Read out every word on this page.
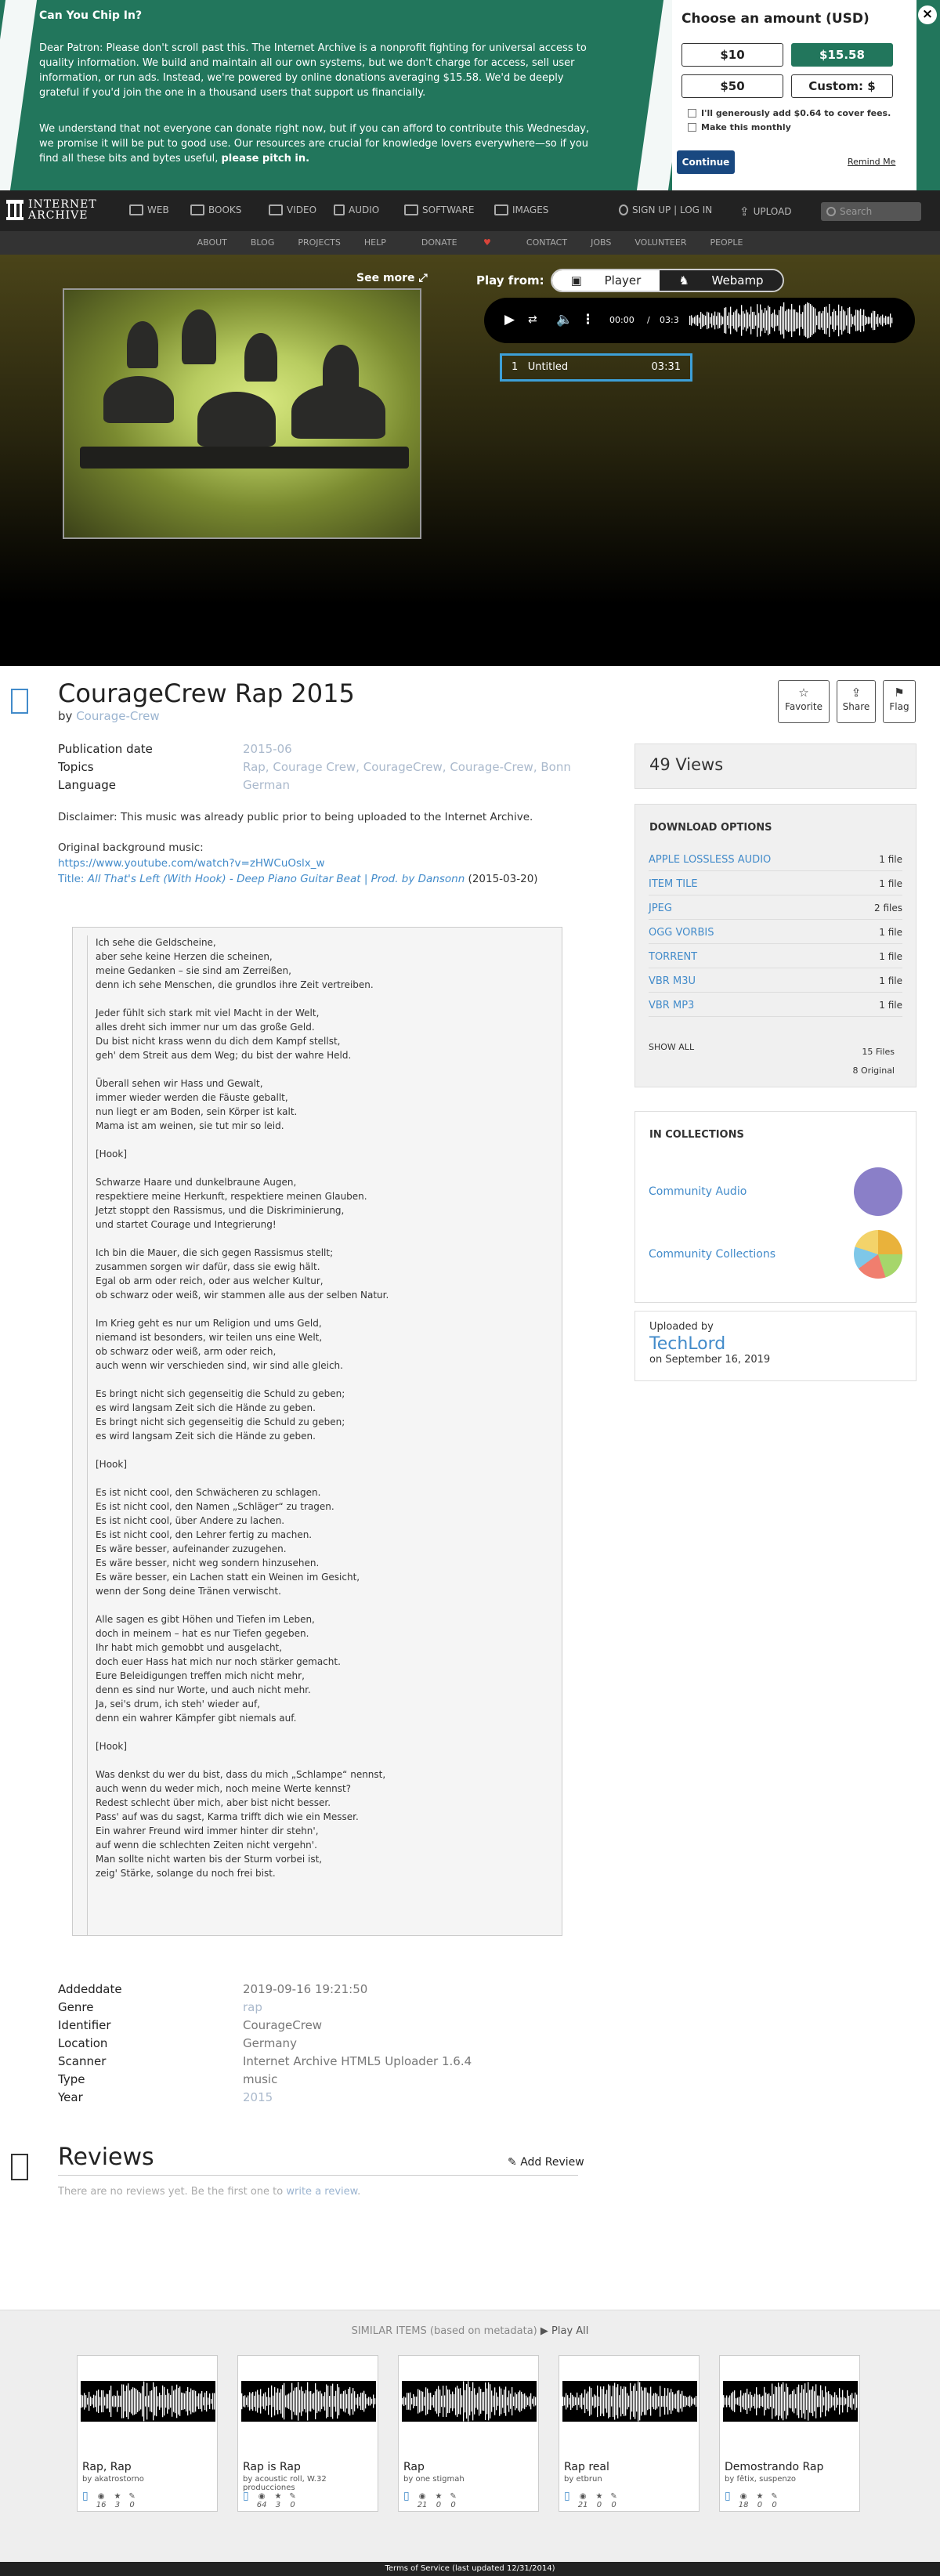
Can You Chip In?

Dear Patron: Please don't scroll past this. The Internet Archive is a nonprofit fighting for universal access to quality information. We build and maintain all our own systems, but we don't charge for access, sell user information, or run ads. Instead, we're powered by online donations averaging $15.58. We'd be deeply grateful if you'd join the one in a thousand users that support us financially.

We understand that not everyone can donate right now, but if you can afford to contribute this Wednesday, we promise it will be put to good use. Our resources are crucial for knowledge lovers everywhere—so if you find all these bits and bytes useful, please pitch in.

Choose an amount (USD)
$10	$15.58
$50	Custom: $
I'll generously add $0.64 to cover fees.
Make this monthly
Continue	Remind Me
×
INTERNET
ARCHIVE	WEB	BOOKS	VIDEO	AUDIO	SOFTWARE	IMAGES	SIGN UP | LOG IN ⇪ UPLOAD	Search
ABOUT	BLOG	PROJECTS	HELP	DONATE	♥	CONTACT	JOBS	VOLUNTEER	PEOPLE
See more ⤢	Play from:	▣ Player	♞ Webamp
▶ ⇄ 🔈 ⋮ 00:00 / 03:3
1 Untitled	03:31
CourageCrew Rap 2015
by Courage-Crew
☆
Favorite
⇪
Share
⚑
Flag
Publication date	2015-06
Topics	Rap, Courage Crew, CourageCrew, Courage-Crew, Bonn
Language	German
Disclaimer: This music was already public prior to being uploaded to the Internet Archive.
Original background music:
https://www.youtube.com/watch?v=zHWCuOslx_w
Title: All That's Left (With Hook) - Deep Piano Guitar Beat | Prod. by Dansonn (2015-03-20)

Ich sehe die Geldscheine,
aber sehe keine Herzen die scheinen,
meine Gedanken – sie sind am Zerreißen,
denn ich sehe Menschen, die grundlos ihre Zeit vertreiben.

Jeder fühlt sich stark mit viel Macht in der Welt,
alles dreht sich immer nur um das große Geld.
Du bist nicht krass wenn du dich dem Kampf stellst,
geh' dem Streit aus dem Weg; du bist der wahre Held.

Überall sehen wir Hass und Gewalt,
immer wieder werden die Fäuste geballt,
nun liegt er am Boden, sein Körper ist kalt.
Mama ist am weinen, sie tut mir so leid.

[Hook]

Schwarze Haare und dunkelbraune Augen,
respektiere meine Herkunft, respektiere meinen Glauben.
Jetzt stoppt den Rassismus, und die Diskriminierung,
und startet Courage und Integrierung!

Ich bin die Mauer, die sich gegen Rassismus stellt;
zusammen sorgen wir dafür, dass sie ewig hält.
Egal ob arm oder reich, oder aus welcher Kultur,
ob schwarz oder weiß, wir stammen alle aus der selben Natur.

Im Krieg geht es nur um Religion und ums Geld,
niemand ist besonders, wir teilen uns eine Welt,
ob schwarz oder weiß, arm oder reich,
auch wenn wir verschieden sind, wir sind alle gleich.

Es bringt nicht sich gegenseitig die Schuld zu geben;
es wird langsam Zeit sich die Hände zu geben.
Es bringt nicht sich gegenseitig die Schuld zu geben;
es wird langsam Zeit sich die Hände zu geben.

[Hook]

Es ist nicht cool, den Schwächeren zu schlagen.
Es ist nicht cool, den Namen „Schläger“ zu tragen.
Es ist nicht cool, über Andere zu lachen.
Es ist nicht cool, den Lehrer fertig zu machen.
Es wäre besser, aufeinander zuzugehen.
Es wäre besser, nicht weg sondern hinzusehen.
Es wäre besser, ein Lachen statt ein Weinen im Gesicht,
wenn der Song deine Tränen verwischt.

Alle sagen es gibt Höhen und Tiefen im Leben,
doch in meinem – hat es nur Tiefen gegeben.
Ihr habt mich gemobbt und ausgelacht,
doch euer Hass hat mich nur noch stärker gemacht.
Eure Beleidigungen treffen mich nicht mehr,
denn es sind nur Worte, und auch nicht mehr.
Ja, sei's drum, ich steh' wieder auf,
denn ein wahrer Kämpfer gibt niemals auf.

[Hook]

Was denkst du wer du bist, dass du mich „Schlampe“ nennst,
auch wenn du weder mich, noch meine Werte kennst?
Redest schlecht über mich, aber bist nicht besser.
Pass' auf was du sagst, Karma trifft dich wie ein Messer.
Ein wahrer Freund wird immer hinter dir stehn',
auf wenn die schlechten Zeiten nicht vergehn'.
Man sollte nicht warten bis der Sturm vorbei ist,
zeig' Stärke, solange du noch frei bist.

Addeddate	2019-09-16 19:21:50
Genre	rap
Identifier	CourageCrew
Location	Germany
Scanner	Internet Archive HTML5 Uploader 1.6.4
Type	music
Year	2015
49 Views
DOWNLOAD OPTIONS
APPLE LOSSLESS AUDIO	1 file
ITEM TILE	1 file
JPEG	2 files
OGG VORBIS	1 file
TORRENT	1 file
VBR M3U	1 file
VBR MP3	1 file
SHOW ALL	15 Files
8 Original
IN COLLECTIONS
Community Audio
Community Collections
Uploaded by
TechLord
on September 16, 2019
Reviews	✎ Add Review
There are no reviews yet. Be the first one to write a review.
SIMILAR ITEMS (based on metadata) ▶ Play All
Rap, Rap
by akatrostorno
▯ ◉
16
★
3
✎
0
Rap is Rap
by acoustic roll, W.32 producciones
▯ ◉
64
★
3
✎
0
Rap
by one stigmah
▯ ◉
21
★
0
✎
0
Rap real
by etbrun
▯ ◉
21
★
0
✎
0
Demostrando Rap
by fêtix, suspenzo
▯ ◉
18
★
0
✎
0
Terms of Service (last updated 12/31/2014)
